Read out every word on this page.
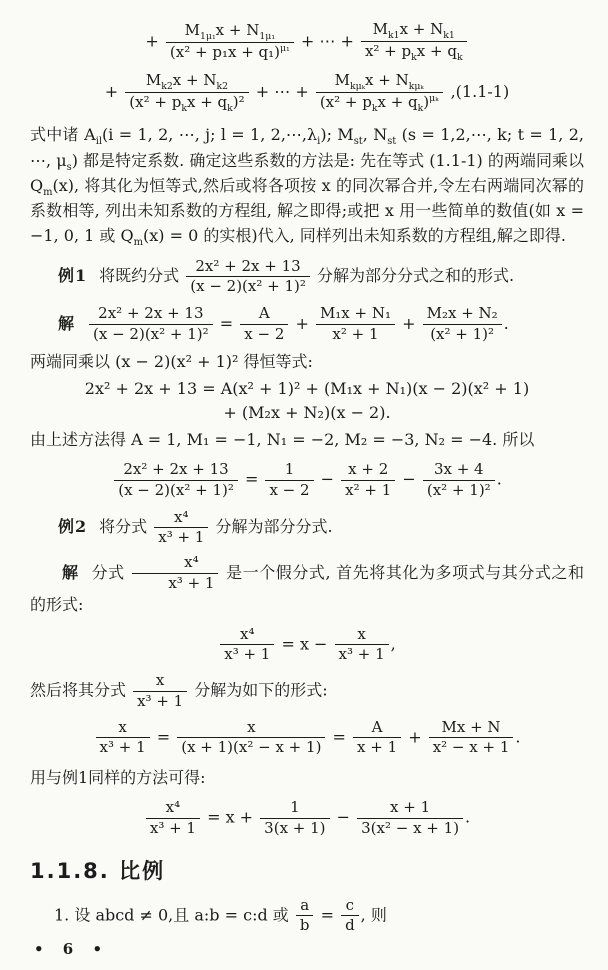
+ $\frac{M_{1\mu_1}x + N_{1\mu_1}}{(x^2 + p_1x + q_1)^{\mu_1}}$ + ⋯ + $\frac{M_{k1}x + N_{k1}}{x^2 + p_kx + q_k}$
+ $\frac{M_{k2}x + N_{k2}}{(x^2 + p_kx + q_k)^2}$ + ⋯ + $\frac{M_{k\mu_k}x + N_{k\mu_k}}{(x^2 + p_kx + q_k)^{\mu_k}} ,(1.1-1)$

式中诸 $A_{il}(i = 1$, 2, ⋯, j; l = 1, $2,\cdots,\lambda_i$); $M_{st}$, $N_{st}$ (s = 1,2,⋯, k; t = 1, 2, ⋯, $\mu_s$) 都是特定系数. 确定这些系数的方法是: 先在等式 (1.1-1) 的两端同乘以 $Q_m(x)$, 将其化为恒等式,然后或将各项按 x 的同次幂合并,令左右两端同次幂的系数相等, 列出未知系数的方程组, 解之即得;或把 x 用一些简单的数值(如 x = −1, 0, 1 或 $Q_m(x) = 0$ 的实根)代入, 同样列出未知系数的方程组,解之即得.

例1 将既约分式 $\frac{\text{2x² + 2x + 13}}{\text{(x − 2)(x² + 1)²}}$ 分解为部分分式之和的形式.

解 $\frac{\text{2x² + 2x + 13}}{\text{(x − 2)(x² + 1)²}} = \frac{A}{x - 2} + \frac{\text{M₁x + N₁}}{\text{x² + 1}} + \frac{\text{M₂x + N₂}}{\text{(x² + 1)²}}$ .

两端同乘以 (x − 2)(x² + 1)² 得恒等式:

2x² + 2x + 13 = A(x² + 1)² + (M₁x + N₁)(x − 2)(x² + 1)
+ (M₂x + N₂)(x − 2).

由上述方法得 A = 1, M₁ = −1, N₁ = −2, M₂ = −3, N₂ = −4. 所以

$\frac{\text{2x² + 2x + 13}}{\text{(x − 2)(x² + 1)²}} = \frac{1}{x - 2} - \frac{x + 2}{\text{x² + 1}} - \frac{3x + 4}{\text{(x² + 1)²}}$ .

例2 将分式 $\frac{\text{x⁴}}{\text{x³ + 1}}$ 分解为部分分式.

解 分式 $\frac{\text{x⁴}}{\text{x³ + 1}}$ 是一个假分式, 首先将其化为多项式与其分式之和的形式:

$\frac{\text{x⁴}}{\text{x³ + 1}} = x - \frac{x}{\text{x³ + 1}}$ ,

然后将其分式 $\frac{x}{\text{x³ + 1}}$ 分解为如下的形式:

$\frac{x}{\text{x³ + 1}} = \frac{x}{\text{(x + 1)(x² − x + 1)}} = \frac{A}{x + 1} + \frac{Mx + N}{\text{x² − x + 1}}$ .

用与例1同样的方法可得:

$\frac{\text{x⁴}}{\text{x³ + 1}} = x + \frac{1}{3(x + 1)} - \frac{x + 1}{\text{3(x² − x + 1)}}$ .
1.1.8. 比例

1. 设 abcd ≠ 0,且 a:b = c:d 或 $\frac{a}{b} = \frac{c}{d}$ , 则

• 6 •
